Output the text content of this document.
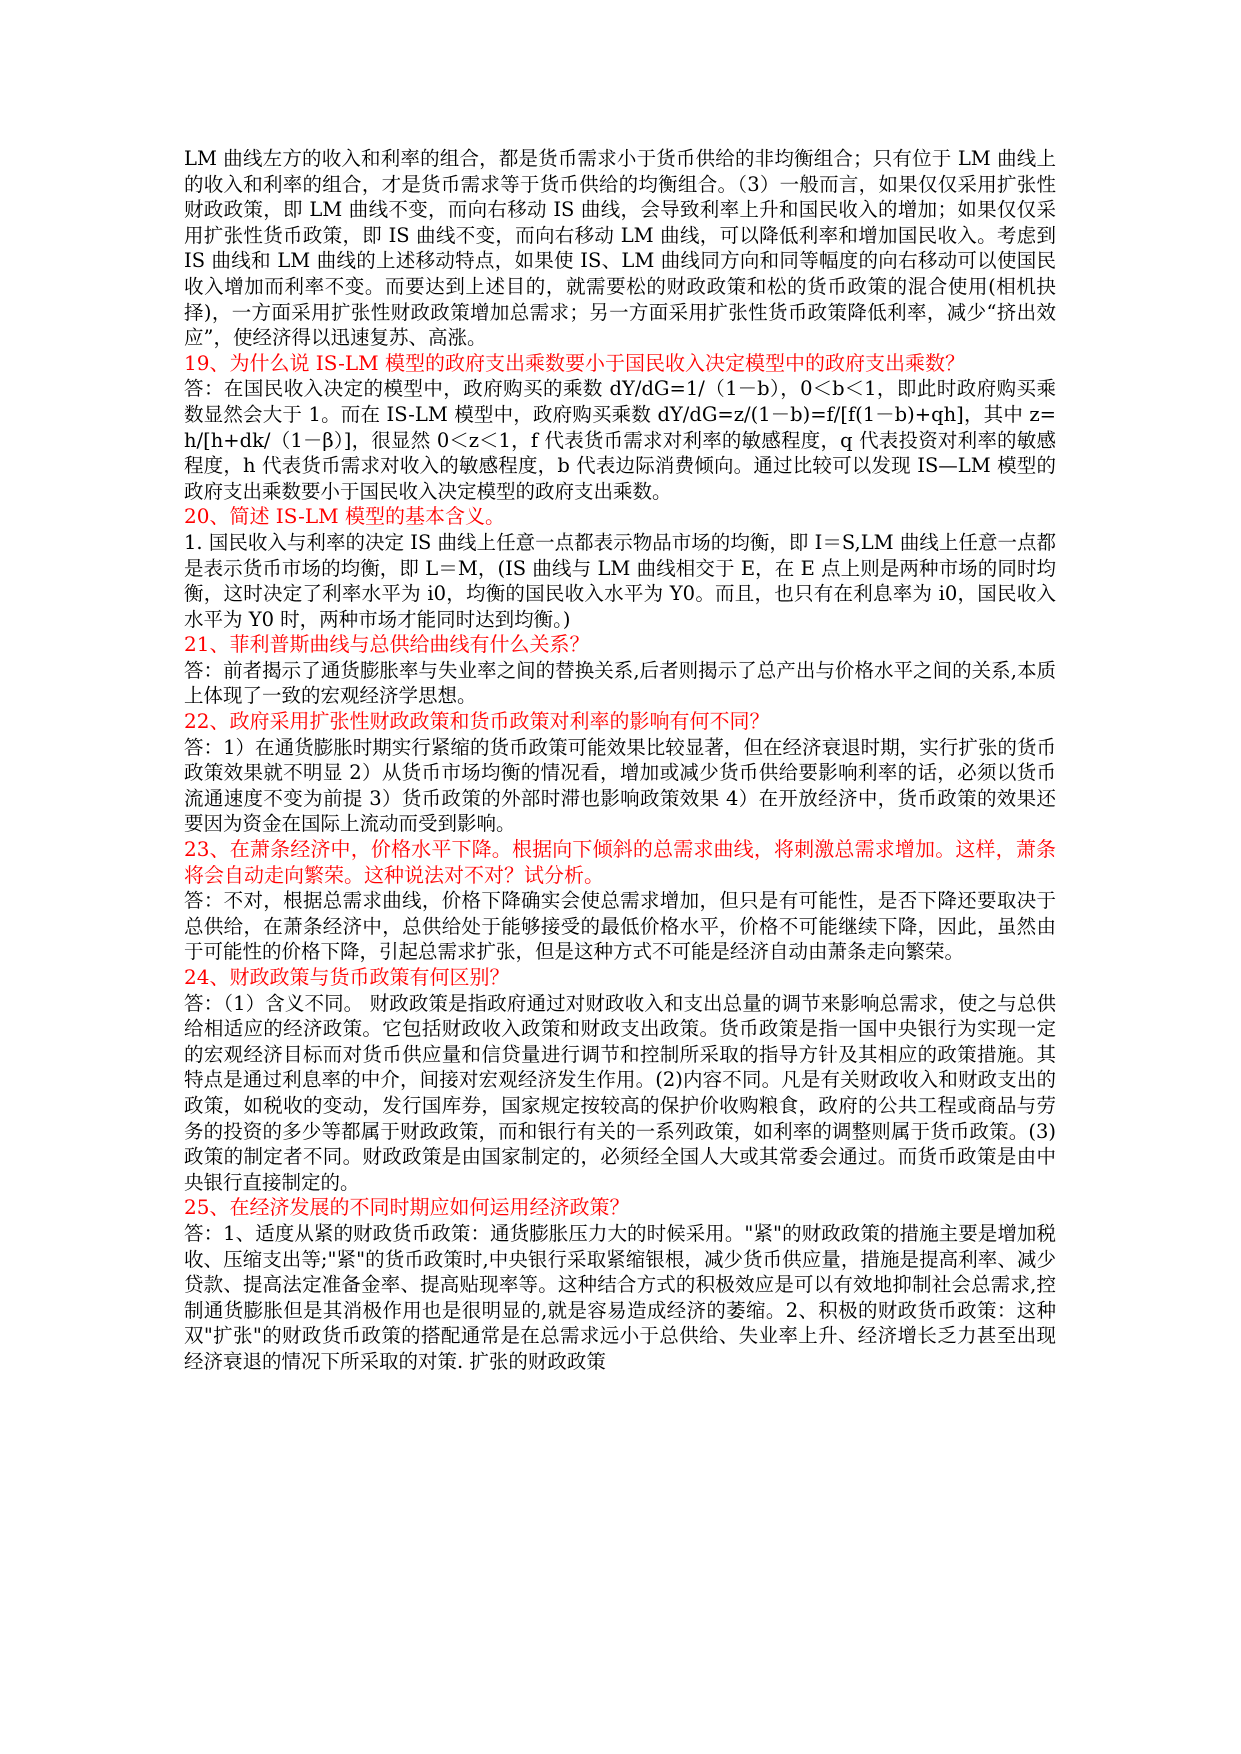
LM 曲线左方的收入和利率的组合，都是货币需求小于货币供给的非均衡组合；只有位于 LM 曲线上的收入和利率的组合，才是货币需求等于货币供给的均衡组合。（3）一般而言，如果仅仅采用扩张性财政政策，即 LM 曲线不变，而向右移动 IS 曲线，会导致利率上升和国民收入的增加；如果仅仅采用扩张性货币政策，即 IS 曲线不变，而向右移动 LM 曲线，可以降低利率和增加国民收入。考虑到 IS 曲线和 LM 曲线的上述移动特点，如果使 IS、LM 曲线同方向和同等幅度的向右移动可以使国民收入增加而利率不变。而要达到上述目的，就需要松的财政政策和松的货币政策的混合使用(相机抉择)，一方面采用扩张性财政政策增加总需求；另一方面采用扩张性货币政策降低利率，减少“挤出效应”，使经济得以迅速复苏、高涨。

19、为什么说 IS-LM 模型的政府支出乘数要小于国民收入决定模型中的政府支出乘数？

答：在国民收入决定的模型中，政府购买的乘数 dY/dG=1/（1－b），0＜b＜1，即此时政府购买乘数显然会大于 1。而在 IS-LM 模型中，政府购买乘数 dY/dG=z/(1－b)=f/[f(1－b)+qh]，其中 z= h/[h+dk/（1－β）]，很显然 0＜z＜1，f 代表货币需求对利率的敏感程度，q 代表投资对利率的敏感程度，h 代表货币需求对收入的敏感程度，b 代表边际消费倾向。通过比较可以发现 IS—LM 模型的政府支出乘数要小于国民收入决定模型的政府支出乘数。

20、简述 IS-LM 模型的基本含义。

1. 国民收入与利率的决定 IS 曲线上任意一点都表示物品市场的均衡，即 I＝S,LM 曲线上任意一点都是表示货币市场的均衡，即 L＝M，(IS 曲线与 LM 曲线相交于 E，在 E 点上则是两种市场的同时均衡，这时决定了利率水平为 i0，均衡的国民收入水平为 Y0。而且，也只有在利息率为 i0，国民收入水平为 Y0 时，两种市场才能同时达到均衡。)

21、菲利普斯曲线与总供给曲线有什么关系？

答：前者揭示了通货膨胀率与失业率之间的替换关系,后者则揭示了总产出与价格水平之间的关系,本质上体现了一致的宏观经济学思想。

22、政府采用扩张性财政政策和货币政策对利率的影响有何不同？

答：1）在通货膨胀时期实行紧缩的货币政策可能效果比较显著，但在经济衰退时期，实行扩张的货币政策效果就不明显 2）从货币市场均衡的情况看，增加或减少货币供给要影响利率的话，必须以货币流通速度不变为前提 3）货币政策的外部时滞也影响政策效果 4）在开放经济中，货币政策的效果还要因为资金在国际上流动而受到影响。

23、在萧条经济中，价格水平下降。根据向下倾斜的总需求曲线，将刺激总需求增加。这样，萧条将会自动走向繁荣。这种说法对不对？试分析。

答：不对，根据总需求曲线，价格下降确实会使总需求增加，但只是有可能性，是否下降还要取决于总供给，在萧条经济中，总供给处于能够接受的最低价格水平，价格不可能继续下降，因此，虽然由于可能性的价格下降，引起总需求扩张，但是这种方式不可能是经济自动由萧条走向繁荣。

24、财政政策与货币政策有何区别？

答：（1）含义不同。 财政政策是指政府通过对财政收入和支出总量的调节来影响总需求，使之与总供给相适应的经济政策。它包括财政收入政策和财政支出政策。货币政策是指一国中央银行为实现一定的宏观经济目标而对货币供应量和信贷量进行调节和控制所采取的指导方针及其相应的政策措施。其特点是通过利息率的中介，间接对宏观经济发生作用。(2)内容不同。凡是有关财政收入和财政支出的政策，如税收的变动，发行国库券，国家规定按较高的保护价收购粮食，政府的公共工程或商品与劳务的投资的多少等都属于财政政策，而和银行有关的一系列政策，如利率的调整则属于货币政策。(3)政策的制定者不同。财政政策是由国家制定的，必须经全国人大或其常委会通过。而货币政策是由中央银行直接制定的。

25、在经济发展的不同时期应如何运用经济政策？

答：1、适度从紧的财政货币政策：通货膨胀压力大的时候采用。"紧"的财政政策的措施主要是增加税收、压缩支出等;"紧"的货币政策时,中央银行采取紧缩银根，减少货币供应量，措施是提高利率、减少贷款、提高法定准备金率、提高贴现率等。这种结合方式的积极效应是可以有效地抑制社会总需求,控制通货膨胀但是其消极作用也是很明显的,就是容易造成经济的萎缩。2、积极的财政货币政策：这种双"扩张"的财政货币政策的搭配通常是在总需求远小于总供给、失业率上升、经济增长乏力甚至出现经济衰退的情况下所采取的对策. 扩张的财政政策
